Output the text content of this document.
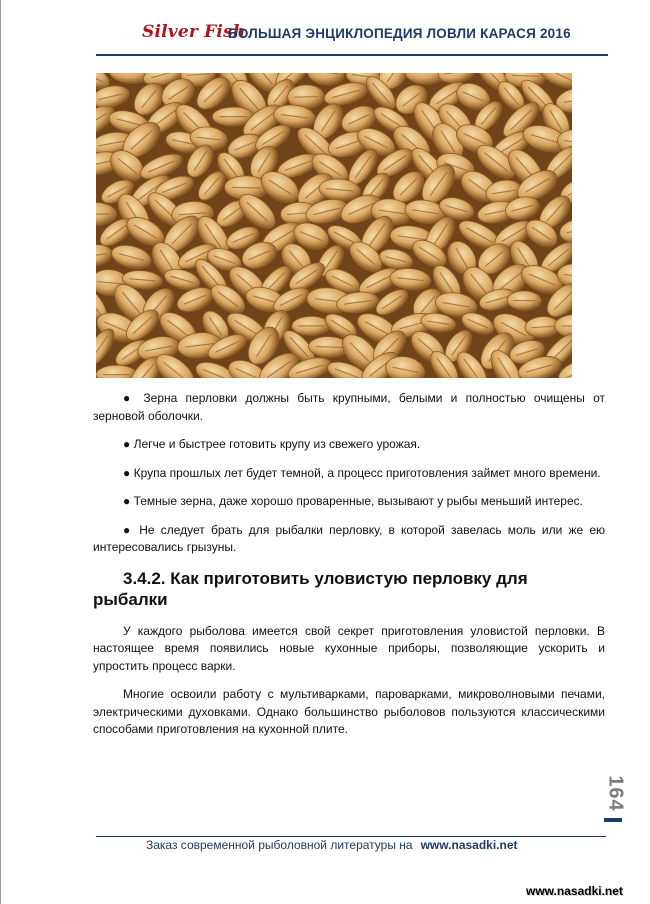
Silver Fish
БОЛЬШАЯ ЭНЦИКЛОПЕДИЯ ЛОВЛИ КАРАСЯ 2016

● Зерна перловки должны быть крупными, белыми и полностью очищены от зерновой оболочки.

● Легче и быстрее готовить крупу из свежего урожая.

● Крупа прошлых лет будет темной, а процесс приготовления займет много времени.

● Темные зерна, даже хорошо проваренные, вызывают у рыбы меньший интерес.

● Не следует брать для рыбалки перловку, в которой завелась моль или же ею интересовались грызуны.

3.4.2. Как приготовить уловистую перловку для рыбалки

У каждого рыболова имеется свой секрет приготовления уловистой перловки. В настоящее время появились новые кухонные приборы, позволяющие ускорить и упростить процесс варки.

Многие освоили работу с мультиварками, пароварками, микроволновыми печами, электрическими духовками. Однако большинство рыболовов пользуются классическими способами приготовления на кухонной плите.

164
Заказ современной рыболовной литературы на www.nasadki.net
www.nasadki.net
